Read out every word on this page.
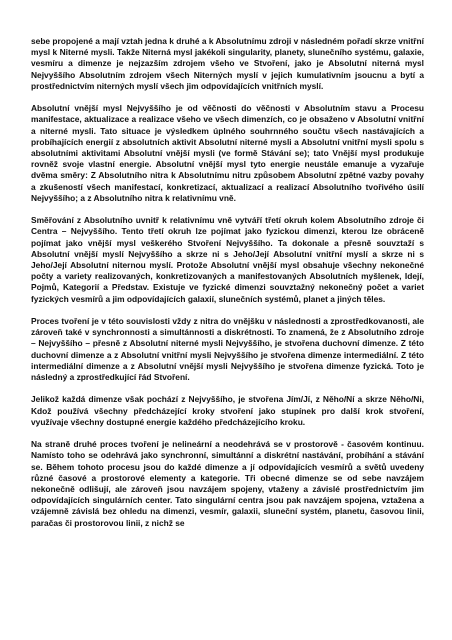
sebe propojené a mají vztah jedna k druhé a k Absolutnímu zdroji v následném pořadí skrze vnitřní mysl k Niterné mysli. Takže Niterná mysl jakékoli singularity, planety, slunečního systému, galaxie, vesmíru a dimenze je nejzazším zdrojem všeho ve Stvoření, jako je Absolutní niterná mysl Nejvyššího Absolutním zdrojem všech Niterných myslí v jejich kumulativním jsoucnu a bytí a prostřednictvím niterných myslí všech jim odpovídajících vnitřních myslí.

Absolutní vnější mysl Nejvyššího je od věčnosti do věčnosti v Absolutním stavu a Procesu manifestace, aktualizace a realizace všeho ve všech dimenzích, co je obsaženo v Absolutní vnitřní a niterné mysli. Tato situace je výsledkem úplného souhrnného součtu všech nastávajících a probíhajících energií z absolutních aktivit Absolutní niterné mysli a Absolutní vnitřní mysli spolu s absolutními aktivitami Absolutní vnější mysli (ve formě Stávání se); tato Vnější mysl produkuje rovněž svoje vlastní energie. Absolutní vnější mysl tyto energie neustále emanuje a vyzařuje dvěma směry: Z Absolutního nitra k Absolutnímu nitru způsobem Absolutní zpětné vazby povahy a zkušeností všech manifestací, konkretizací, aktualizací a realizací Absolutního tvořivého úsilí Nejvyššího; a z Absolutního nitra k relativnímu vně.

Směřování z Absolutního uvnitř k relativnímu vně vytváří třetí okruh kolem Absolutního zdroje či Centra – Nejvyššího. Tento třetí okruh lze pojímat jako fyzickou dimenzi, kterou lze obráceně pojímat jako vnější mysl veškerého Stvoření Nejvyššího. Ta dokonale a přesně souvztaží s Absolutní vnější myslí Nejvyššího a skrze ni s Jeho/Její Absolutní vnitřní myslí a skrze ni s Jeho/Její Absolutní niternou myslí. Protože Absolutní vnější mysl obsahuje všechny nekonečné počty a variety realizovaných, konkretizovaných a manifestovaných Absolutních myšlenek, Idejí, Pojmů, Kategorií a Představ. Existuje ve fyzické dimenzi souvztažný nekonečný počet a variet fyzických vesmírů a jim odpovídajících galaxií, slunečních systémů, planet a jiných těles.

Proces tvoření je v této souvislosti vždy z nitra do vnějšku v následnosti a zprostředkovanosti, ale zároveň také v synchronnosti a simultánnosti a diskrétnosti. To znamená, že z Absolutního zdroje – Nejvyššího – přesně z Absolutní niterné mysli Nejvyššího, je stvořena duchovní dimenze. Z této duchovní dimenze a z Absolutní vnitřní mysli Nejvyššího je stvořena dimenze intermediální. Z této intermediální dimenze a z Absolutní vnější mysli Nejvyššího je stvořena dimenze fyzická. Toto je následný a zprostředkující řád Stvoření.

Jelikož každá dimenze však pochází z Nejvyššího, je stvořena Jím/Jí, z Něho/Ní a skrze Něho/Ni, Kdož používá všechny předcházející kroky stvoření jako stupínek pro další krok stvoření, využívaje všechny dostupné energie každého předcházejícího kroku.

Na straně druhé proces tvoření je nelineární a neodehrává se v prostorově - časovém kontinuu. Namísto toho se odehrává jako synchronní, simultánní a diskrétní nastávání, probíhání a stávání se. Během tohoto procesu jsou do každé dimenze a jí odpovídajících vesmírů a světů uvedeny různé časové a prostorové elementy a kategorie. Tři obecné dimenze se od sebe navzájem nekonečně odlišují, ale zároveň jsou navzájem spojeny, vtaženy a závislé prostřednictvím jim odpovídajících singulárních center. Tato singulární centra jsou pak navzájem spojena, vztažena a vzájemně závislá bez ohledu na dimenzi, vesmír, galaxii, sluneční systém, planetu, časovou linii, paračas či prostorovou linii, z nichž se
